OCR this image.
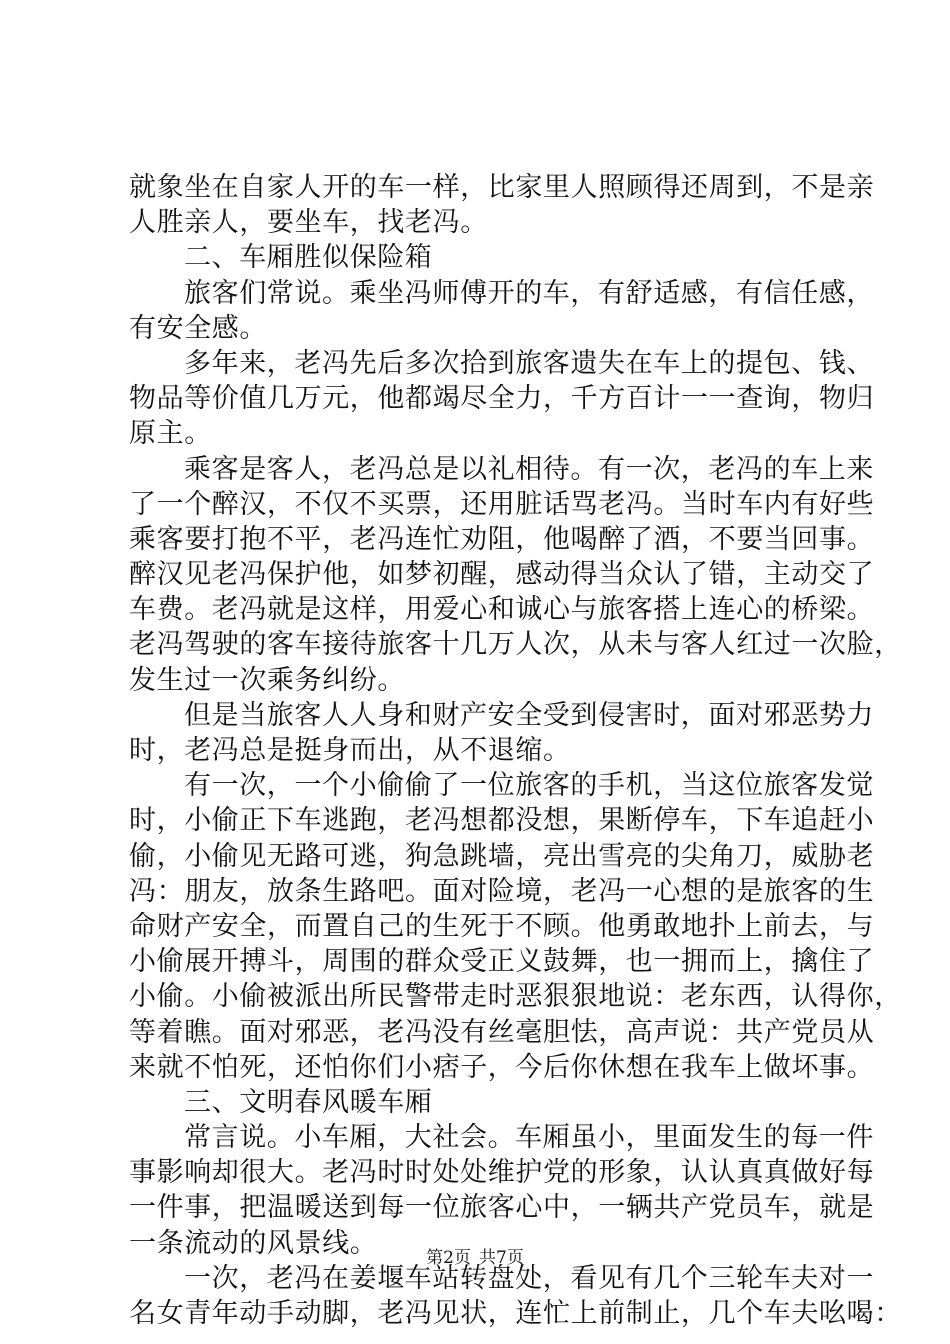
就象坐在自家人开的车一样，比家里人照顾得还周到，不是亲
人胜亲人，要坐车，找老冯。
二、车厢胜似保险箱
旅客们常说。乘坐冯师傅开的车，有舒适感，有信任感，
有安全感。
多年来，老冯先后多次拾到旅客遗失在车上的提包、钱、
物品等价值几万元，他都竭尽全力，千方百计一一查询，物归
原主。
乘客是客人，老冯总是以礼相待。有一次，老冯的车上来
了一个醉汉，不仅不买票，还用脏话骂老冯。当时车内有好些
乘客要打抱不平，老冯连忙劝阻，他喝醉了酒，不要当回事。
醉汉见老冯保护他，如梦初醒，感动得当众认了错，主动交了
车费。老冯就是这样，用爱心和诚心与旅客搭上连心的桥梁。
老冯驾驶的客车接待旅客十几万人次，从未与客人红过一次脸，
发生过一次乘务纠纷。
但是当旅客人人身和财产安全受到侵害时，面对邪恶势力
时，老冯总是挺身而出，从不退缩。
有一次，一个小偷偷了一位旅客的手机，当这位旅客发觉
时，小偷正下车逃跑，老冯想都没想，果断停车，下车追赶小
偷，小偷见无路可逃，狗急跳墙，亮出雪亮的尖角刀，威胁老
冯：朋友，放条生路吧。面对险境，老冯一心想的是旅客的生
命财产安全，而置自己的生死于不顾。他勇敢地扑上前去，与
小偷展开搏斗，周围的群众受正义鼓舞，也一拥而上，擒住了
小偷。小偷被派出所民警带走时恶狠狠地说：老东西，认得你，
等着瞧。面对邪恶，老冯没有丝毫胆怯，高声说：共产党员从
来就不怕死，还怕你们小痞子，今后你休想在我车上做坏事。
三、文明春风暖车厢
常言说。小车厢，大社会。车厢虽小，里面发生的每一件
事影响却很大。老冯时时处处维护党的形象，认认真真做好每
一件事，把温暖送到每一位旅客心中，一辆共产党员车，就是
一条流动的风景线。
一次，老冯在姜堰车站转盘处，看见有几个三轮车夫对一
名女青年动手动脚，老冯见状，连忙上前制止，几个车夫吆喝：
第2页 共7页
